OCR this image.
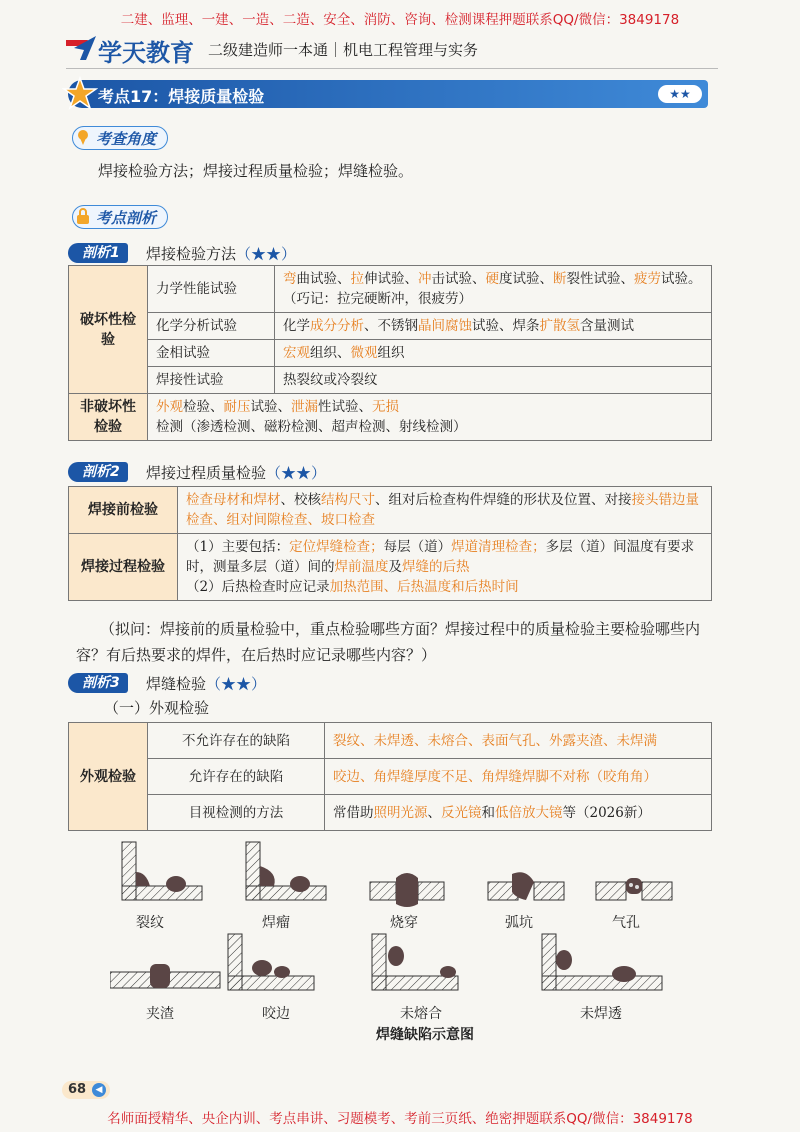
二建、监理、一建、一造、二造、安全、消防、咨询、检测课程押题联系QQ/微信：3849178
学天教育 二级建造师一本通｜机电工程管理与实务
考点17：焊接质量检验	★★
考查角度
焊接检验方法；焊接过程质量检验；焊缝检验。
考点剖析
剖析1	焊接检验方法（★★）
破坏性检验	力学性能试验	弯曲试验、拉伸试验、冲击试验、硬度试验、断裂性试验、疲劳试验。（巧记：拉完硬断冲，很疲劳）
	化学分析试验	化学成分分析、不锈钢晶间腐蚀试验、焊条扩散氢含量测试
	金相试验	宏观组织、微观组织
	焊接性试验	热裂纹或冷裂纹
非破坏性检验	外观检验、耐压试验、泄漏性试验、无损检测（渗透检测、磁粉检测、超声检测、射线检测）	
剖析2	焊接过程质量检验（★★）
焊接前检验	检查母材和焊材、校核结构尺寸、组对后检查构件焊缝的形状及位置、对接接头错边量检查、组对间隙检查、坡口检查
焊接过程检验	（1）主要包括：定位焊缝检查；每层（道）焊道清理检查；多层（道）间温度有要求时，测量多层（道）间的焊前温度及焊缝的后热
（2）后热检查时应记录加热范围、后热温度和后热时间
（拟问：焊接前的质量检验中，重点检验哪些方面？焊接过程中的质量检验主要检验哪些内容？有后热要求的焊件，在后热时应记录哪些内容？）
剖析3	焊缝检验（★★）
（一）外观检验
外观检验	不允许存在的缺陷	裂纹、未焊透、未熔合、表面气孔、外露夹渣、未焊满
	允许存在的缺陷	咬边、角焊缝厚度不足、角焊缝焊脚不对称（咬角角）
	目视检测的方法	常借助照明光源、反光镜和低倍放大镜等（2026新）
裂纹	焊瘤	烧穿	弧坑	气孔
夹渣	咬边	未熔合	未焊透
焊缝缺陷示意图
68	◀
名师面授精华、央企内训、考点串讲、习题模考、考前三页纸、绝密押题联系QQ/微信：3849178
